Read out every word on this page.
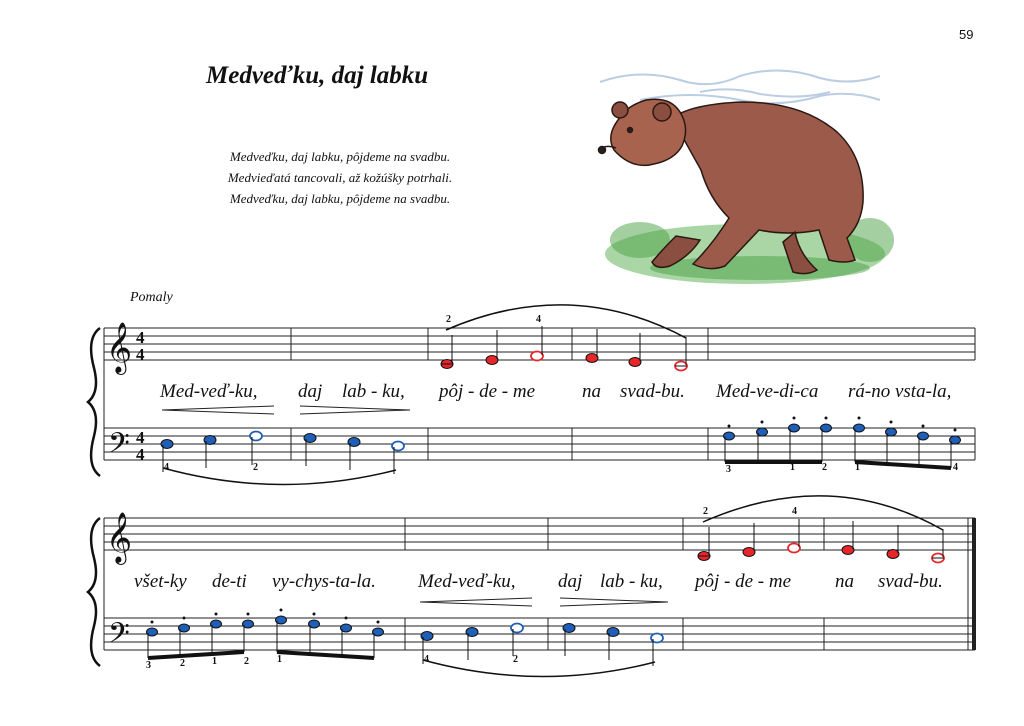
59
Medveďku, daj labku
Medveďku, daj labku, pôjdeme na svadbu.
Medvieďatá tancovali, až kožúšky potrhali.
Medveďku, daj labku, pôjdeme na svadbu.
Pomaly
𝄞
𝄢
4
4
4
4
2	4
4	2	3	1	2	1	4
Med-veď-ku, daj lab - ku, pôj - de - me na svad-bu. Med-ve-di-ca rá-no vsta-la,
𝄞
𝄢
2	4
3	2	1	2	1	4	2
všet-ky de-ti vy-chys-ta-la. Med-veď-ku, daj lab - ku, pôj - de - me na svad-bu.
